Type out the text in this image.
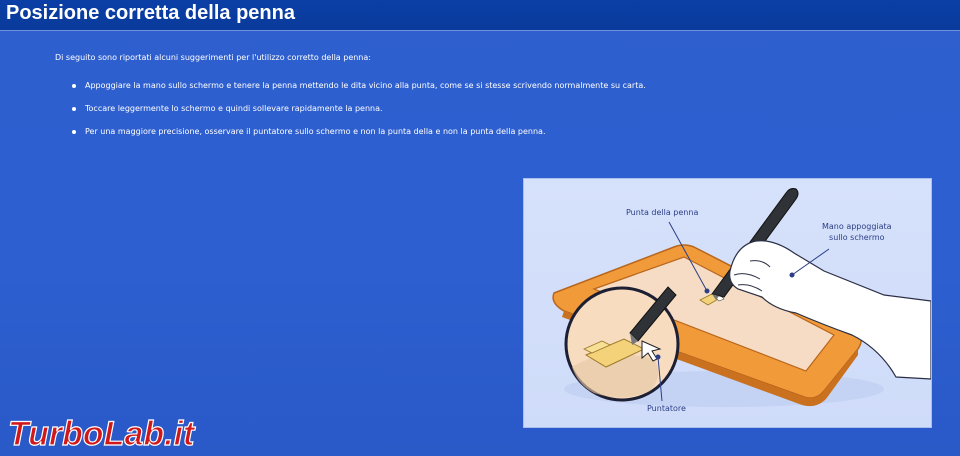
Posizione corretta della penna
Di seguito sono riportati alcuni suggerimenti per l'utilizzo corretto della penna:
Appoggiare la mano sullo schermo e tenere la penna mettendo le dita vicino alla punta, come se si stesse scrivendo normalmente su carta.
Toccare leggermente lo schermo e quindi sollevare rapidamente la penna.
Per una maggiore precisione, osservare il puntatore sullo schermo e non la punta della e non la punta della penna.
Punta della penna
Mano appoggiata
sullo schermo
Puntatore
TurboLab.it
